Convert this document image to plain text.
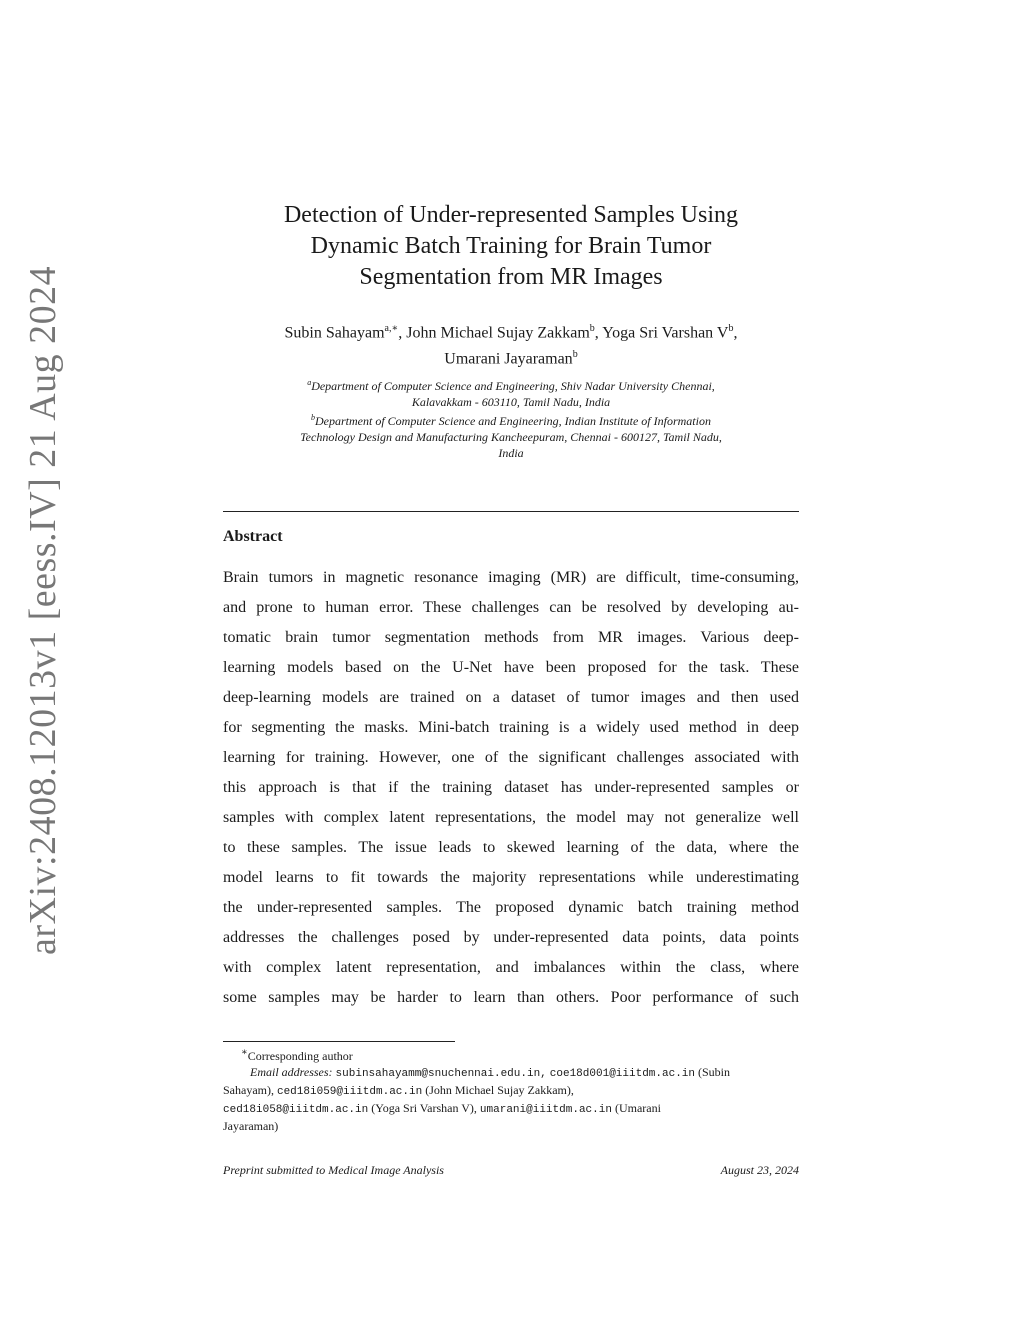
arXiv:2408.12013v1 [eess.IV] 21 Aug 2024
Detection of Under-represented Samples Using
Dynamic Batch Training for Brain Tumor
Segmentation from MR Images
Subin Sahayam$^{a,∗}$, John Michael Sujay Zakkam$^b$, Yoga Sri Varshan $V^b$,
Umarani Jayaraman$^b$
$^a$Department of Computer Science and Engineering, Shiv Nadar University Chennai,
Kalavakkam - 603110, Tamil Nadu, India
$^b$Department of Computer Science and Engineering, Indian Institute of Information
Technology Design and Manufacturing Kancheepuram, Chennai - 600127, Tamil Nadu,
India
Abstract
Brain tumors in magnetic resonance imaging (MR) are difficult, time-consuming,
and prone to human error. These challenges can be resolved by developing au-
tomatic brain tumor segmentation methods from MR images. Various deep-
learning models based on the U-Net have been proposed for the task. These
deep-learning models are trained on a dataset of tumor images and then used
for segmenting the masks. Mini-batch training is a widely used method in deep
learning for training. However, one of the significant challenges associated with
this approach is that if the training dataset has under-represented samples or
samples with complex latent representations, the model may not generalize well
to these samples. The issue leads to skewed learning of the data, where the
model learns to fit towards the majority representations while underestimating
the under-represented samples. The proposed dynamic batch training method
addresses the challenges posed by under-represented data points, data points
with complex latent representation, and imbalances within the class, where
some samples may be harder to learn than others. Poor performance of such
∗Corresponding author
Email addresses: subinsahayamm@snuchennai.edu.in, coe18d001@iiitdm.ac.in (Subin
Sahayam), ced18i059@iiitdm.ac.in (John Michael Sujay Zakkam),
ced18i058@iiitdm.ac.in (Yoga Sri Varshan V), umarani@iiitdm.ac.in (Umarani
Jayaraman)
Preprint submitted to Medical Image Analysis	August 23, 2024
